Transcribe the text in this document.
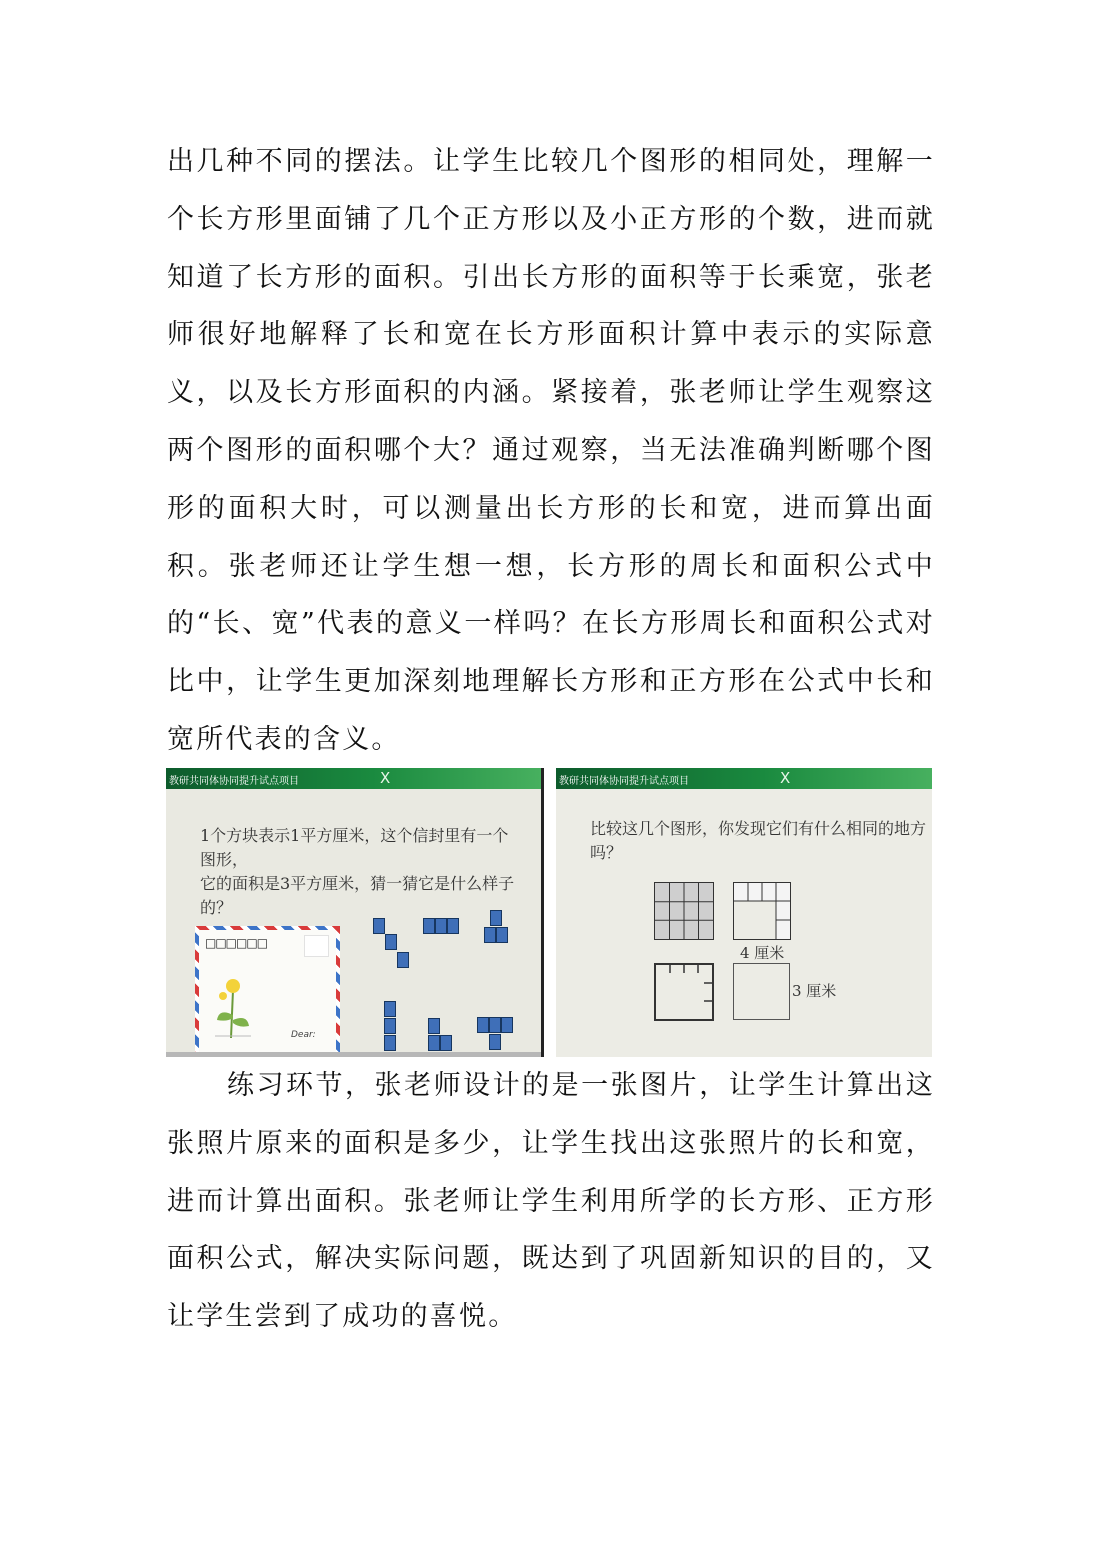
出几种不同的摆法。让学生比较几个图形的相同处，理解一个长方形里面铺了几个正方形以及小正方形的个数，进而就知道了长方形的面积。引出长方形的面积等于长乘宽，张老师很好地解释了长和宽在长方形面积计算中表示的实际意义，以及长方形面积的内涵。紧接着，张老师让学生观察这两个图形的面积哪个大？通过观察，当无法准确判断哪个图形的面积大时，可以测量出长方形的长和宽，进而算出面积。张老师还让学生想一想，长方形的周长和面积公式中的“长、宽”代表的意义一样吗？在长方形周长和面积公式对比中，让学生更加深刻地理解长方形和正方形在公式中长和宽所代表的含义。

教研共同体协同提升试点项目	X
1个方块表示1平方厘米，这个信封里有一个图形，
它的面积是3平方厘米，猜一猜它是什么样子的？
□□□□□□
Dear:
教研共同体协同提升试点项目	X
比较这几个图形，你发现它们有什么相同的地方吗？
4 厘米
3 厘米

练习环节，张老师设计的是一张图片，让学生计算出这张照片原来的面积是多少，让学生找出这张照片的长和宽，进而计算出面积。张老师让学生利用所学的长方形、正方形面积公式，解决实际问题，既达到了巩固新知识的目的，又让学生尝到了成功的喜悦。
